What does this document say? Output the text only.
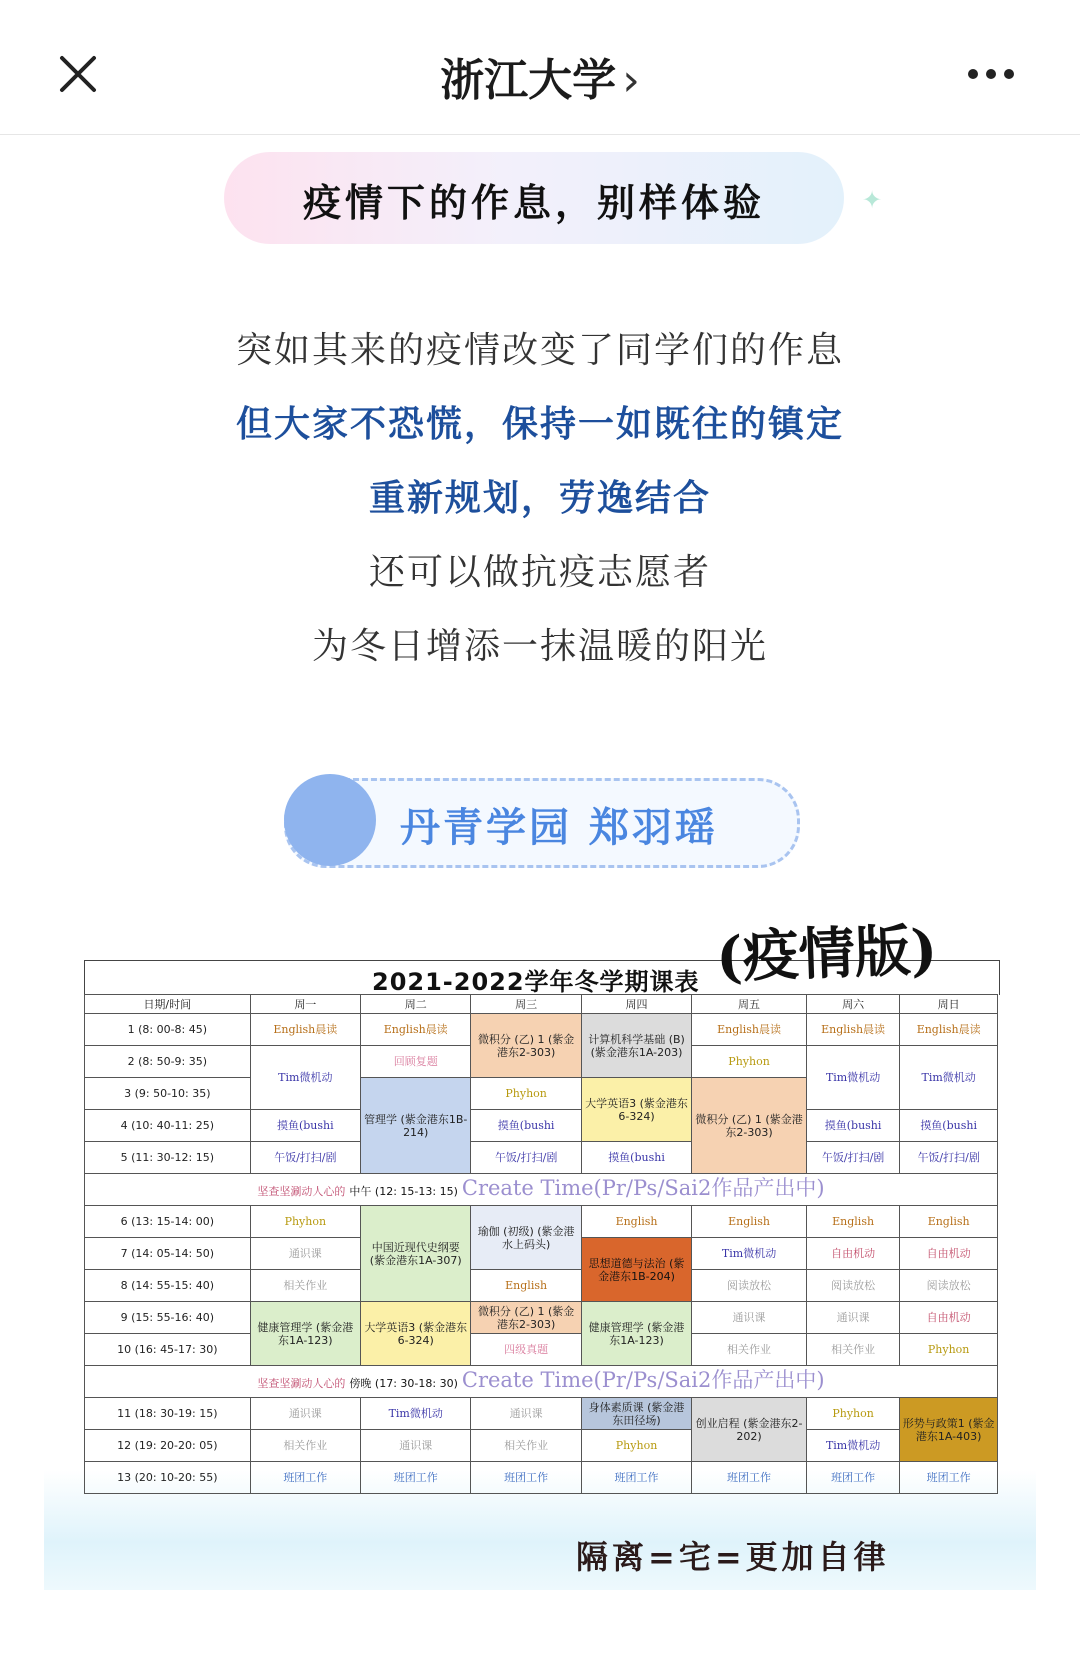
浙江大学 ›
疫情下的作息，别样体验	✦
突如其来的疫情改变了同学们的作息
但大家不恐慌，保持一如既往的镇定
重新规划，劳逸结合
还可以做抗疫志愿者
为冬日增添一抹温暖的阳光
丹青学园 郑羽瑶
2021-2022学年冬学期课表 (疫情版)
日期/时间	周一	周二	周三	周四	周五	周六	周日
1 (8: 00-8: 45)	English晨读	English晨读	微积分 (乙) 1 (紫金港东2-303)	计算机科学基础 (B) (紫金港东1A-203)	English晨读	English晨读	English晨读
2 (8: 50-9: 35)	Tim微机动	回顾复题			Phyhon	Tim微机动	Tim微机动
3 (9: 50-10: 35)		管理学 (紫金港东1B-214)	Phyhon	大学英语3 (紫金港东6-324)	微积分 (乙) 1 (紫金港东2-303)		
4 (10: 40-11: 25)	摸鱼(bushi		摸鱼(bushi			摸鱼(bushi	摸鱼(bushi
5 (11: 30-12: 15)	午饭/打扫/剧		午饭/打扫/剧	摸鱼(bushi		午饭/打扫/剧	午饭/打扫/剧
坚查坚涮动人心的 中午 (12: 15-13: 15) Create Time(Pr/Ps/Sai2作品产出中)							
6 (13: 15-14: 00)	Phyhon	中国近现代史纲要 (紫金港东1A-307)	瑜伽 (初级) (紫金港水上码头)	English	English	English	English
7 (14: 05-14: 50)	通识课			思想道德与法治 (紫金港东1B-204)	Tim微机动	自由机动	自由机动
8 (14: 55-15: 40)	相关作业		English		阅读放松	阅读放松	阅读放松
9 (15: 55-16: 40)	健康管理学 (紫金港东1A-123)	大学英语3 (紫金港东6-324)	微积分 (乙) 1 (紫金港东2-303)	健康管理学 (紫金港东1A-123)	通识课	通识课	自由机动
10 (16: 45-17: 30)			四级真题		相关作业	相关作业	Phyhon
坚查坚涮动人心的 傍晚 (17: 30-18: 30) Create Time(Pr/Ps/Sai2作品产出中)							
11 (18: 30-19: 15)	通识课	Tim微机动	通识课	身体素质课 (紫金港东田径场)	创业启程 (紫金港东2-202)	Phyhon	形势与政策1 (紫金港东1A-403)
12 (19: 20-20: 05)	相关作业	通识课	相关作业	Phyhon		Tim微机动	
13 (20: 10-20: 55)	班团工作	班团工作	班团工作	班团工作	班团工作	班团工作	班团工作
隔离=宅=更加自律
